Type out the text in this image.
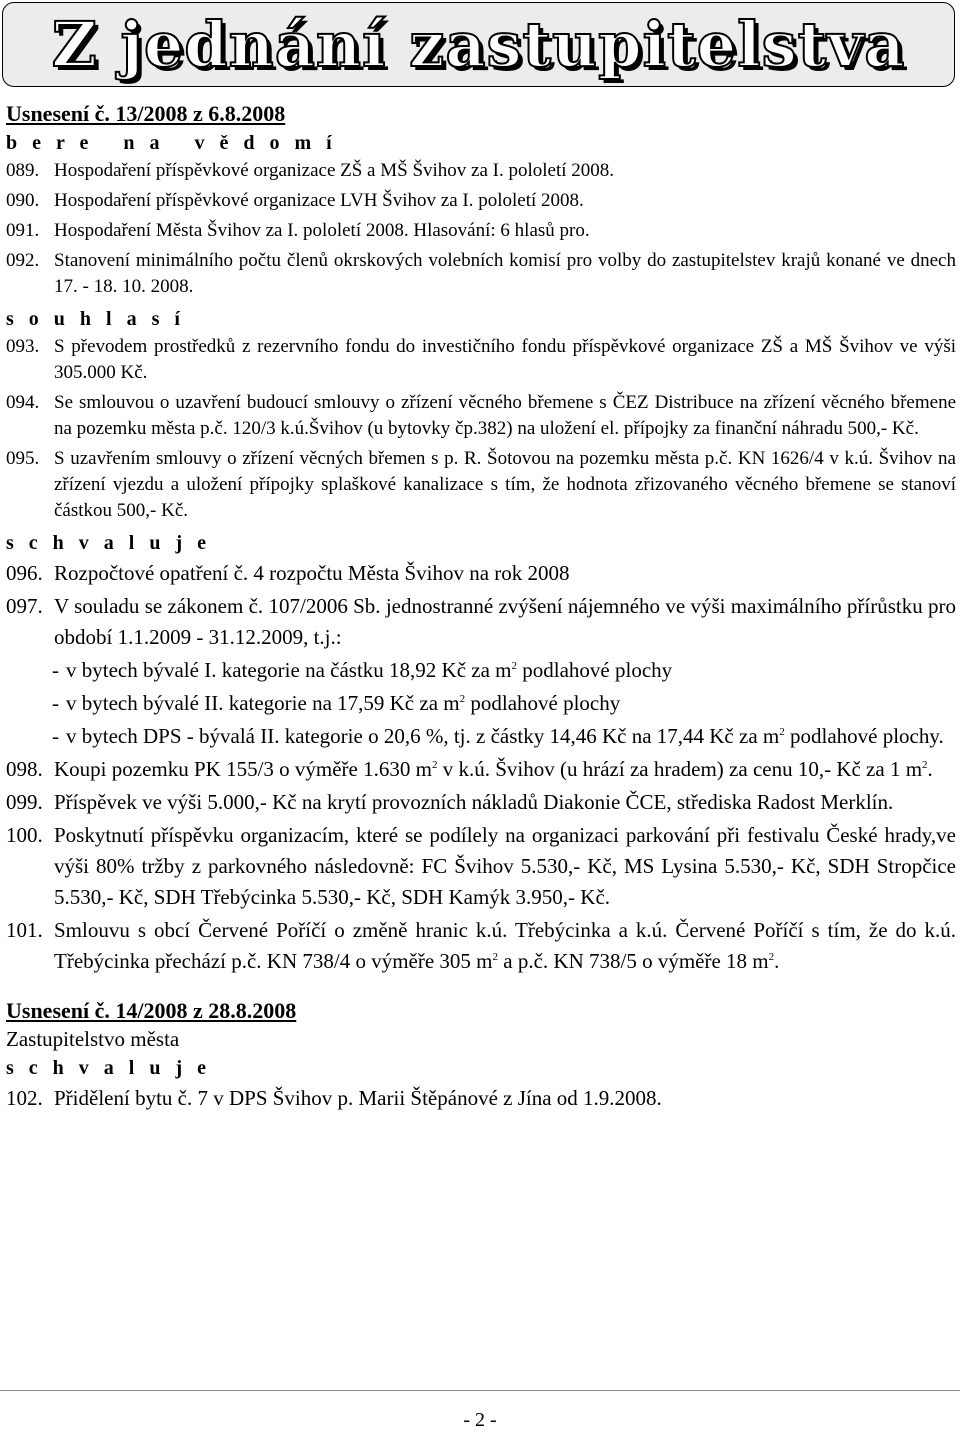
Z jednání zastupitelstva

Usnesení č. 13/2008 z 6.8.2008

b e r e   n a   v ě d o m í

089. Hospodaření příspěvkové organizace ZŠ a MŠ Švihov za I. pololetí 2008.
090. Hospodaření příspěvkové organizace LVH Švihov za I. pololetí 2008.
091. Hospodaření Města Švihov za I. pololetí 2008. Hlasování: 6 hlasů pro.
092. Stanovení minimálního počtu členů okrskových volebních komisí pro volby do zastupitelstev krajů konané ve dnech 17. - 18. 10. 2008.

s o u h l a s í

093. S převodem prostředků z rezervního fondu do investičního fondu příspěvkové organizace ZŠ a MŠ Švihov ve výši 305.000 Kč.
094. Se smlouvou o uzavření budoucí smlouvy o zřízení věcného břemene s ČEZ Distribuce na zřízení věcného břemene na pozemku města p.č. 120/3 k.ú.Švihov (u bytovky čp.382) na uložení el. přípojky za finanční náhradu 500,- Kč.
095. S uzavřením smlouvy o zřízení věcných břemen s p. R. Šotovou na pozemku města p.č. KN 1626/4 v k.ú. Švihov na zřízení vjezdu a uložení přípojky splaškové kanalizace s tím, že hodnota zřizovaného věcného břemene se stanoví částkou 500,- Kč.

s c h v a l u j e

096. Rozpočtové opatření č. 4 rozpočtu Města Švihov na rok 2008
097. V souladu se zákonem č. 107/2006 Sb. jednostranné zvýšení nájemného ve výši maximálního přírůstku pro období 1.1.2009 - 31.12.2009, t.j.:
- v bytech bývalé I. kategorie na částku 18,92 Kč za $m^2$ podlahové plochy
- v bytech bývalé II. kategorie na 17,59 Kč za $m^2$ podlahové plochy
- v bytech DPS - bývalá II. kategorie o 20,6 %, tj. z částky 14,46 Kč na 17,44 Kč za $m^2$ podlahové plochy.
098. Koupi pozemku PK 155/3 o výměře 1.630 $m^2$ v k.ú. Švihov (u hrází za hradem) za cenu 10,- Kč za 1 $m^2$.
099. Příspěvek ve výši 5.000,- Kč na krytí provozních nákladů Diakonie ČCE, střediska Radost Merklín.
100. Poskytnutí příspěvku organizacím, které se podílely na organizaci parkování při festivalu České hrady,ve výši 80% tržby z parkovného následovně: FC Švihov 5.530,- Kč, MS Lysina 5.530,- Kč, SDH Stropčice 5.530,- Kč, SDH Třebýcinka 5.530,- Kč, SDH Kamýk 3.950,- Kč.
101. Smlouvu s obcí Červené Poříčí o změně hranic k.ú. Třebýcinka a k.ú. Červené Poříčí s tím, že do k.ú. Třebýcinka přechází p.č. KN 738/4 o výměře 305 $m^2$ a p.č. KN 738/5 o výměře 18 $m^2$.

Usnesení č. 14/2008 z 28.8.2008

Zastupitelstvo města

s c h v a l u j e

102. Přidělení bytu č. 7 v DPS Švihov p. Marii Štěpánové z Jína od 1.9.2008.
- 2 -
